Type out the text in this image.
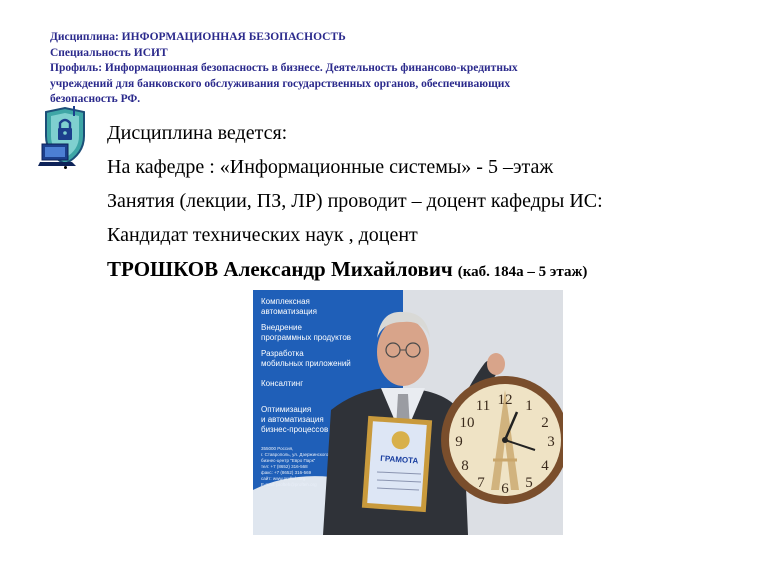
Дисциплина: ИНФОРМАЦИОННАЯ БЕЗОПАСНОСТЬ
Специальность ИСИТ
Профиль: Информационная безопасность в бизнесе. Деятельность финансово-кредитных
учреждений для банковского обслуживания государственных органов, обеспечивающих
безопасность РФ.
Дисциплина ведется:
На кафедре : «Информационные системы» - 5 –этаж
Занятия (лекции, ПЗ, ЛР) проводит – доцент кафедры ИС:
Кандидат технических наук , доцент
ТРОШКОВ Александр Михайлович (каб. 184а – 5 этаж)
Комплексная
автоматизация
Внедрение
программных продуктов
Разработка
мобильных приложений
Консалтинг
Оптимизация
и автоматизация
бизнес-процессов
355000 Россия,
г. Ставрополь, ул. Дзержинского
бизнес-центр "Евро Парк"
тел: +7 (8652) 316-568
факс: +7 (8652) 316-569
сайт: www.profteh.org
E-mail: profteh@profteh.org
ГРАМОТА
12 1
2
3
4
5
6
7
8
9
10
11
